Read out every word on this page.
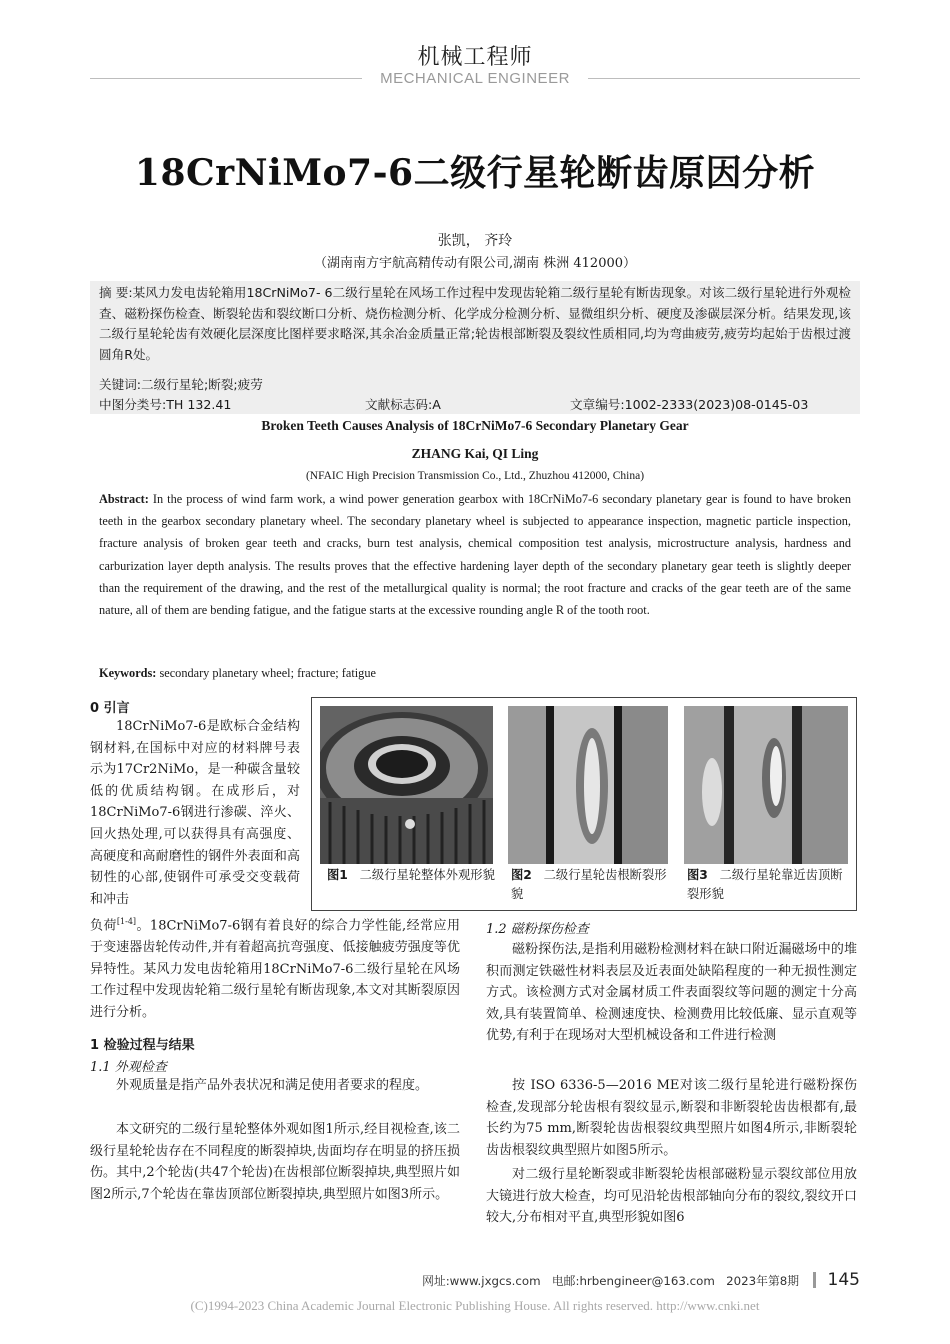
机械工程师
MECHANICAL ENGINEER
18CrNiMo7-6二级行星轮断齿原因分析
张凯， 齐玲
（湖南南方宇航高精传动有限公司,湖南 株洲 412000）
摘 要:某风力发电齿轮箱用18CrNiMo7- 6二级行星轮在风场工作过程中发现齿轮箱二级行星轮有断齿现象。对该二级行星轮进行外观检查、磁粉探伤检查、断裂轮齿和裂纹断口分析、烧伤检测分析、化学成分检测分析、显微组织分析、硬度及渗碳层深分析。结果发现,该二级行星轮轮齿有效硬化层深度比图样要求略深,其余冶金质量正常;轮齿根部断裂及裂纹性质相同,均为弯曲疲劳,疲劳均起始于齿根过渡圆角R处。
关键词:二级行星轮;断裂;疲劳
中图分类号:TH 132.41	文献标志码:A	文章编号:1002-2333(2023)08-0145-03
Broken Teeth Causes Analysis of 18CrNiMo7-6 Secondary Planetary Gear
ZHANG Kai, QI Ling
(NFAIC High Precision Transmission Co., Ltd., Zhuzhou 412000, China)
Abstract: In the process of wind farm work, a wind power generation gearbox with 18CrNiMo7-6 secondary planetary gear is found to have broken teeth in the gearbox secondary planetary wheel. The secondary planetary wheel is subjected to appearance inspection, magnetic particle inspection, fracture analysis of broken gear teeth and cracks, burn test analysis, chemical composition test analysis, microstructure analysis, hardness and carburization layer depth analysis. The results proves that the effective hardening layer depth of the secondary planetary gear teeth is slightly deeper than the requirement of the drawing, and the rest of the metallurgical quality is normal; the root fracture and cracks of the gear teeth are of the same nature, all of them are bending fatigue, and the fatigue starts at the excessive rounding angle R of the tooth root.
Keywords: secondary planetary wheel; fracture; fatigue
0 引言
18CrNiMo7-6是欧标合金结构钢材料,在国标中对应的材料牌号表示为17Cr2NiMo，是一种碳含量较低的优质结构钢。在成形后，对18CrNiMo7-6钢进行渗碳、淬火、回火热处理,可以获得具有高强度、高硬度和高耐磨性的钢件外表面和高韧性的心部,使钢件可承受交变载荷和冲击
负荷[1-4]。18CrNiMo7-6钢有着良好的综合力学性能,经常应用于变速器齿轮传动件,并有着超高抗弯强度、低接触疲劳强度等优异特性。某风力发电齿轮箱用18CrNiMo7-6二级行星轮在风场工作过程中发现齿轮箱二级行星轮有断齿现象,本文对其断裂原因进行分析。
图1 二级行星轮整体外观形貌 图2 二级行星轮齿根断裂形貌
图3 二级行星轮靠近齿顶断裂形貌
1 检验过程与结果
1.1 外观检查
外观质量是指产品外表状况和满足使用者要求的程度。
本文研究的二级行星轮整体外观如图1所示,经目视检查,该二级行星轮轮齿存在不同程度的断裂掉块,齿面均存在明显的挤压损伤。其中,2个轮齿(共47个轮齿)在齿根部位断裂掉块,典型照片如图2所示,7个轮齿在靠齿顶部位断裂掉块,典型照片如图3所示。
1.2 磁粉探伤检查
磁粉探伤法,是指利用磁粉检测材料在缺口附近漏磁场中的堆积而测定铁磁性材料表层及近表面处缺陷程度的一种无损性测定方式。该检测方式对金属材质工件表面裂纹等问题的测定十分高效,具有装置简单、检测速度快、检测费用比较低廉、显示直观等优势,有利于在现场对大型机械设备和工件进行检测
按 ISO 6336-5—2016 ME对该二级行星轮进行磁粉探伤检查,发现部分轮齿根有裂纹显示,断裂和非断裂轮齿齿根都有,最长约为75 mm,断裂轮齿齿根裂纹典型照片如图4所示,非断裂轮齿齿根裂纹典型照片如图5所示。
对二级行星轮断裂或非断裂轮齿根部磁粉显示裂纹部位用放大镜进行放大检查，均可见沿轮齿根部轴向分布的裂纹,裂纹开口较大,分布相对平直,典型形貌如图6
网址:www.jxgcs.com 电邮:hrbengineer@163.com 2023年第8期 145
(C)1994-2023 China Academic Journal Electronic Publishing House. All rights reserved. http://www.cnki.net
